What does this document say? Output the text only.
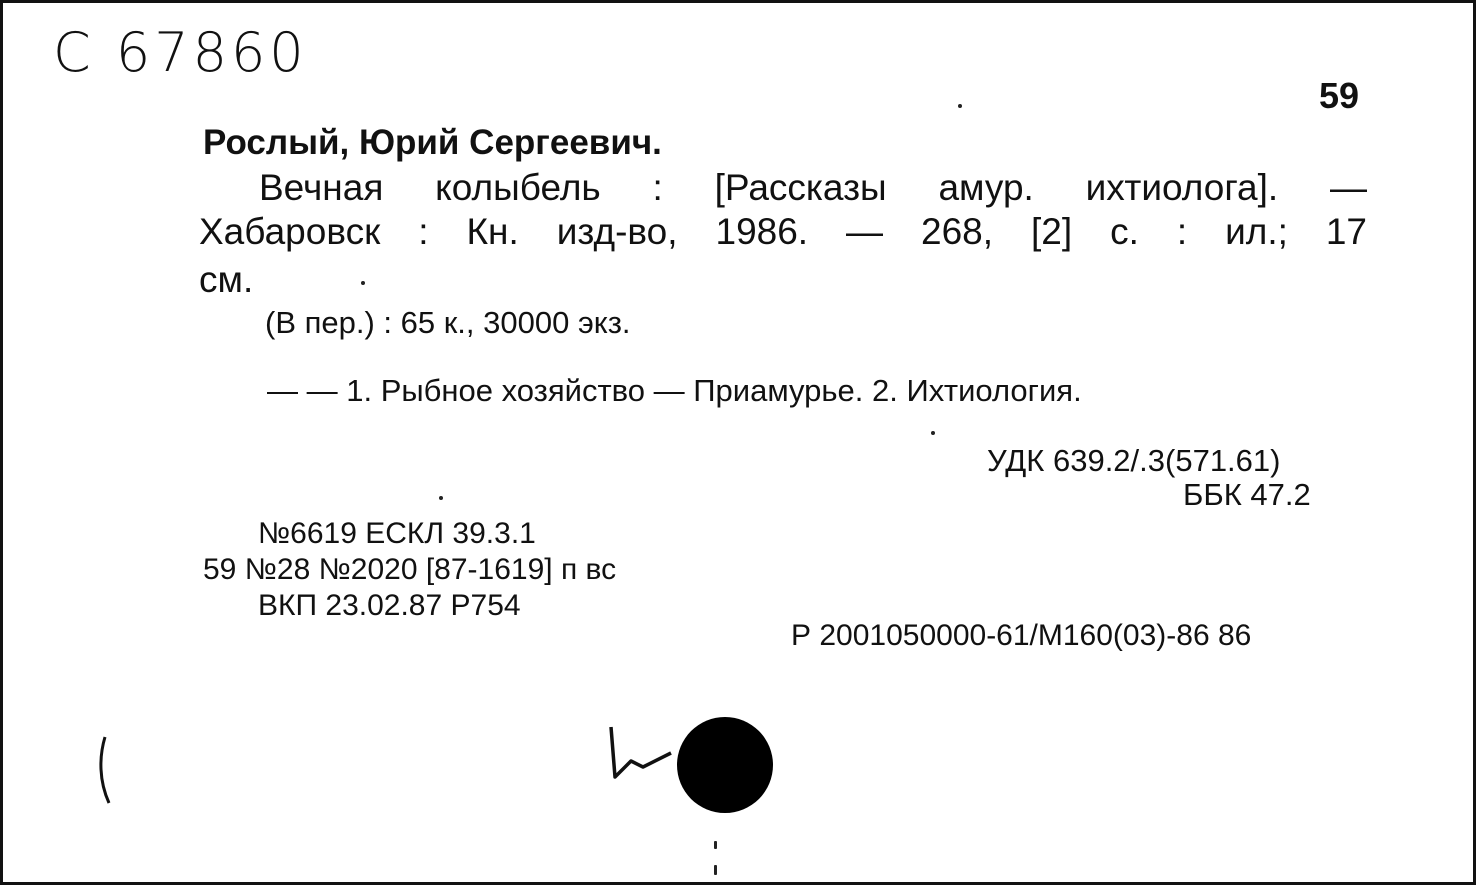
С 67860
59
Рослый, Юрий Сергеевич.
Вечная колыбель : [Рассказы амур. ихтиолога]. —
Хабаровск : Кн. изд-во, 1986. — 268, [2] с. : ил.; 17
см.
(В пер.) : 65 к., 30000 экз.
— — 1. Рыбное хозяйство — Приамурье. 2. Ихтиология.
УДК 639.2/.3(571.61)
ББК 47.2
№6619 ЕСКЛ 39.3.1
59 №28 №2020 [87-1619] п вс
ВКП 23.02.87 Р754
Р 2001050000-61/М160(03)-86 86
